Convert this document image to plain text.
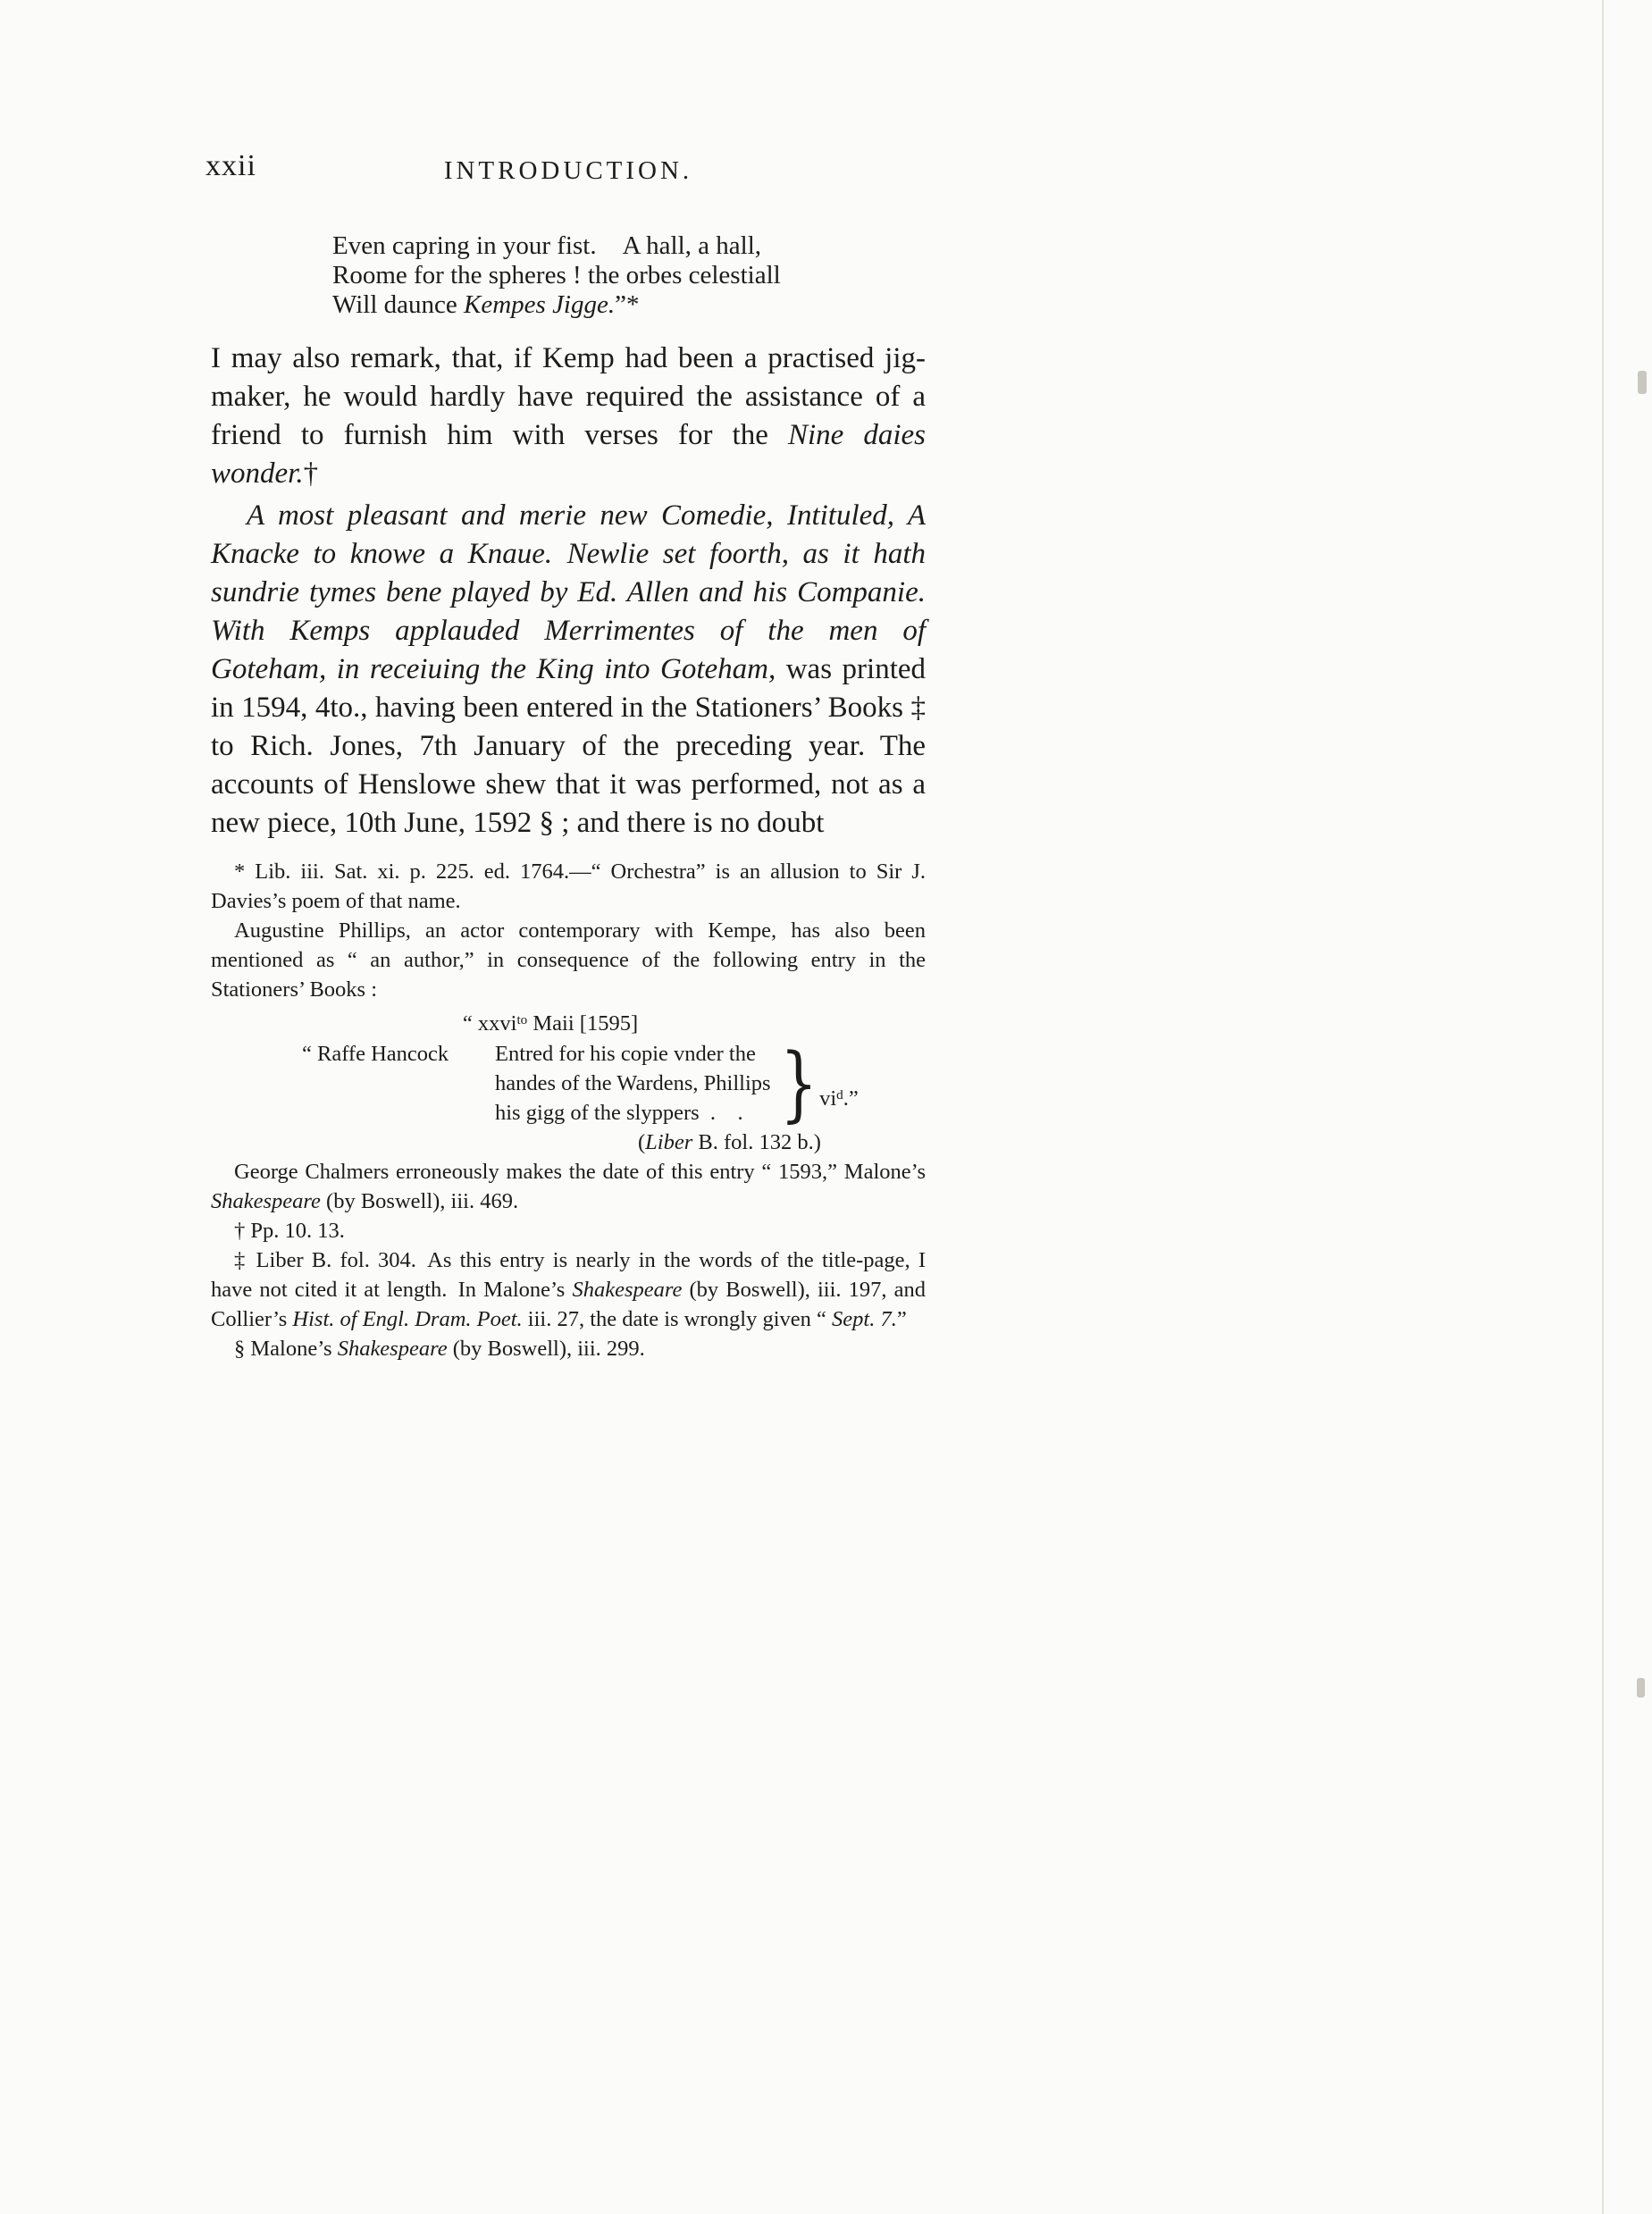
xxii	INTRODUCTION.
Even capring in your fist. A hall, a hall,
Roome for the spheres ! the orbes celestiall
Will daunce Kempes Jigge.”*

I may also remark, that, if Kemp had been a practised jig-maker, he would hardly have required the assistance of a friend to furnish him with verses for the Nine daies wonder.†

A most pleasant and merie new Comedie, Intituled, A Knacke to knowe a Knaue. Newlie set foorth, as it hath sundrie tymes bene played by Ed. Allen and his Companie. With Kemps applauded Merrimentes of the men of Goteham, in receiuing the King into Goteham, was printed in 1594, 4to., having been entered in the Stationers’ Books ‡ to Rich. Jones, 7th January of the preceding year. The accounts of Henslowe shew that it was performed, not as a new piece, 10th June, 1592 § ; and there is no doubt

* Lib. iii. Sat. xi. p. 225. ed. 1764.—“ Orchestra” is an allusion to Sir J. Davies’s poem of that name.

Augustine Phillips, an actor contemporary with Kempe, has also been mentioned as “ an author,” in consequence of the following entry in the Stationers’ Books :

“ xxvi$^{to}$ Maii [1595]
“ Raffe Hancock	Entred for his copie vnder the
handes of the Wardens, Phillips
his gigg of the slyppers . . } $vi^d$.”
(Liber B. fol. 132 b.)

George Chalmers erroneously makes the date of this entry “ 1593,” Malone’s Shakespeare (by Boswell), iii. 469.

† Pp. 10. 13.

‡ Liber B. fol. 304. As this entry is nearly in the words of the title-page, I have not cited it at length. In Malone’s Shakespeare (by Boswell), iii. 197, and Collier’s Hist. of Engl. Dram. Poet. iii. 27, the date is wrongly given “ Sept. 7.”

§ Malone’s Shakespeare (by Boswell), iii. 299.
